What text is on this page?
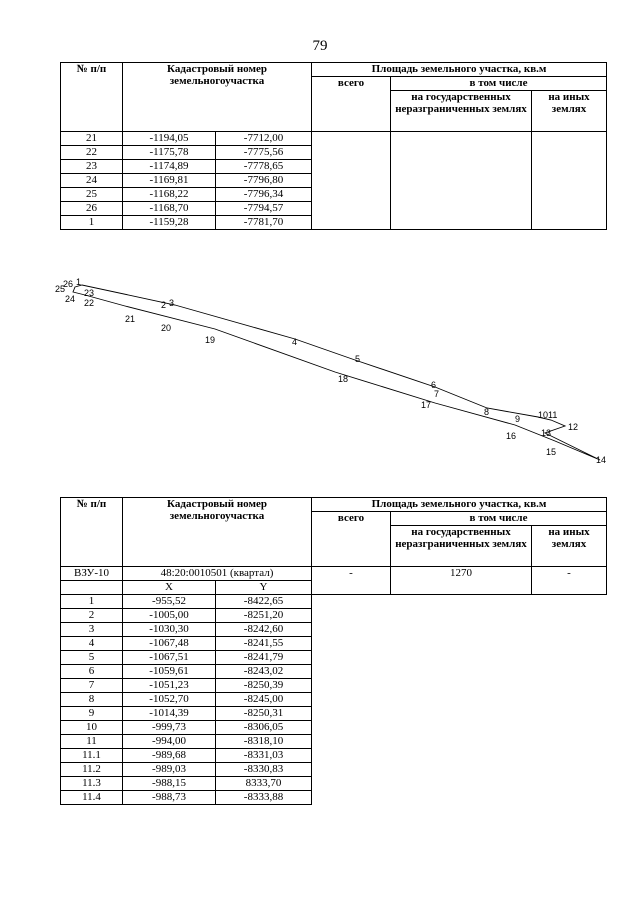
79
№ п/п	Кадастровый номер земельногоучастка		Площадь земельного участка, кв.м		
			всего	в том числе	
				на государственных неразграниченных землях	на иных землях
21	-1194,05	-7712,00			
22	-1175,78	-7775,56			
23	-1174,89	-7778,65			
24	-1169,81	-7796,80			
25	-1168,22	-7796,34			
26	-1168,70	-7794,57			
1	-1159,28	-7781,70			
25
26 1
24
23
22	2 3
21
20
19	4
5
18
6
7
17
8
9 10 11
12
16	13
15
14
№ п/п	Кадастровый номер земельногоучастка		Площадь земельного участка, кв.м		
			всего	в том числе	
				на государственных неразграниченных землях	на иных землях
ВЗУ-10	48:20:0010501 (квартал)		-	1270	-
	X	Y			
1	-955,52	-8422,65			
2	-1005,00	-8251,20			
3	-1030,30	-8242,60			
4	-1067,48	-8241,55			
5	-1067,51	-8241,79			
6	-1059,61	-8243,02			
7	-1051,23	-8250,39			
8	-1052,70	-8245,00			
9	-1014,39	-8250,31			
10	-999,73	-8306,05			
11	-994,00	-8318,10			
11.1	-989,68	-8331,03			
11.2	-989,03	-8330,83			
11.3	-988,15	8333,70			
11.4	-988,73	-8333,88			
